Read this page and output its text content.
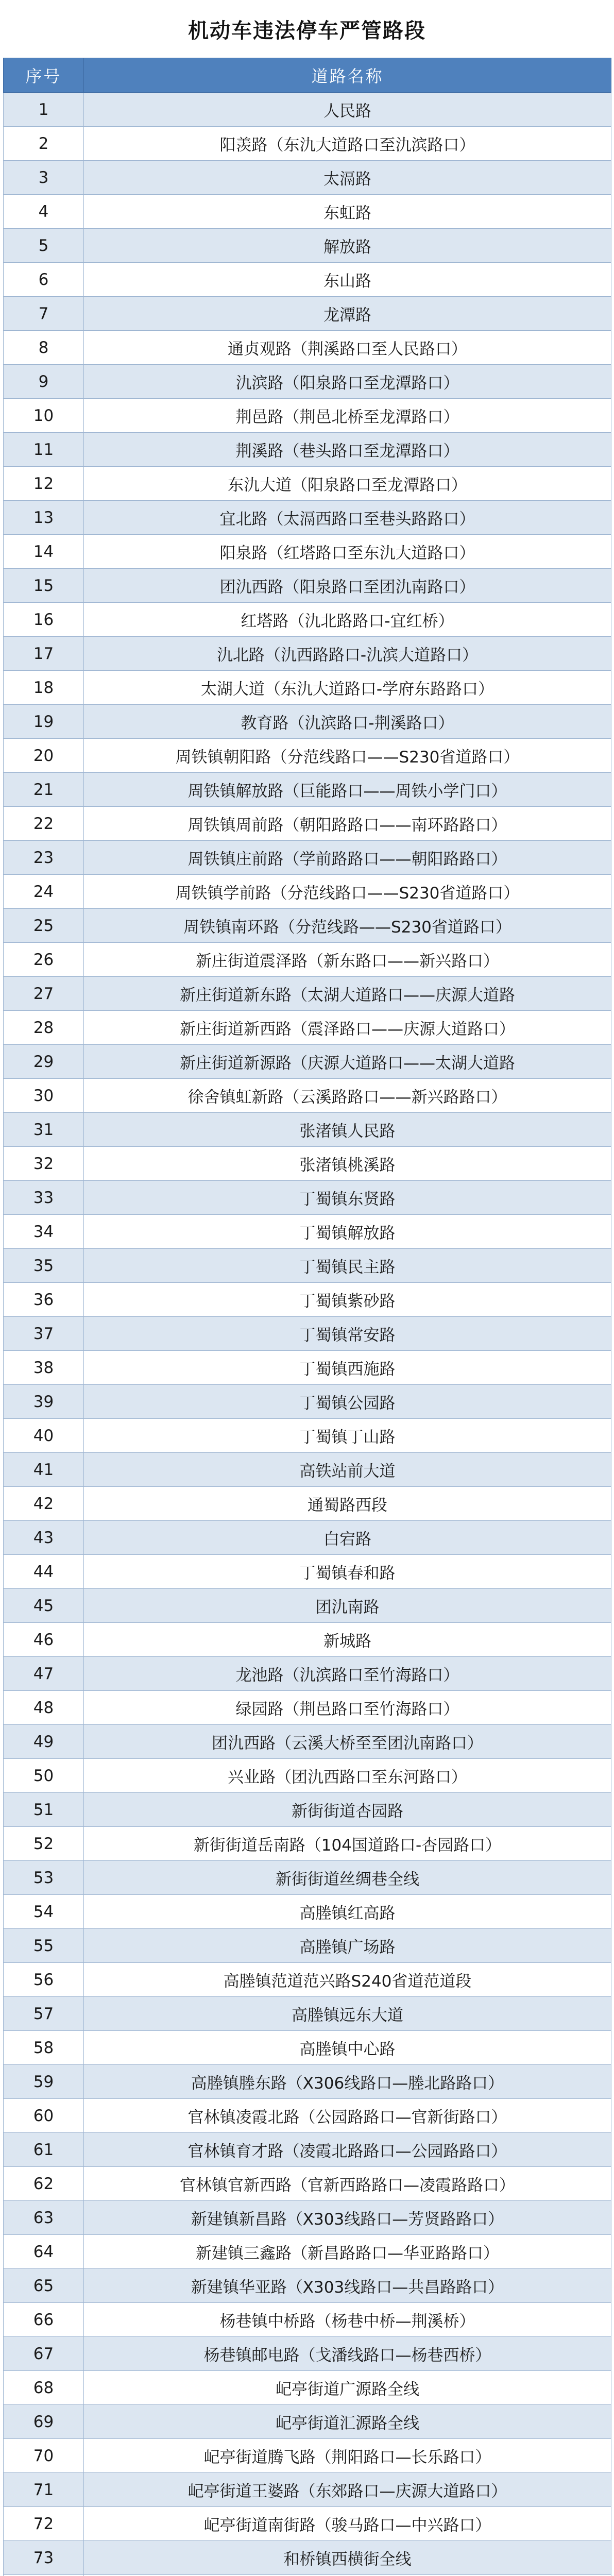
机动车违法停车严管路段
序号	道路名称
1	人民路
2	阳羡路（东氿大道路口至氿滨路口）
3	太滆路
4	东虹路
5	解放路
6	东山路
7	龙潭路
8	通贞观路（荆溪路口至人民路口）
9	氿滨路（阳泉路口至龙潭路口）
10	荆邑路（荆邑北桥至龙潭路口）
11	荆溪路（巷头路口至龙潭路口）
12	东氿大道（阳泉路口至龙潭路口）
13	宜北路（太滆西路口至巷头路路口）
14	阳泉路（红塔路口至东氿大道路口）
15	团氿西路（阳泉路口至团氿南路口）
16	红塔路（氿北路路口-宜红桥）
17	氿北路（氿西路路口-氿滨大道路口）
18	太湖大道（东氿大道路口-学府东路路口）
19	教育路（氿滨路口-荆溪路口）
20	周铁镇朝阳路（分范线路口——S230省道路口）
21	周铁镇解放路（巨能路口——周铁小学门口）
22	周铁镇周前路（朝阳路路口——南环路路口）
23	周铁镇庄前路（学前路路口——朝阳路路口）
24	周铁镇学前路（分范线路口——S230省道路口）
25	周铁镇南环路（分范线路——S230省道路口）
26	新庄街道震泽路（新东路口——新兴路口）
27	新庄街道新东路（太湖大道路口——庆源大道路
28	新庄街道新西路（震泽路口——庆源大道路口）
29	新庄街道新源路（庆源大道路口——太湖大道路
30	徐舍镇虹新路（云溪路路口——新兴路路口）
31	张渚镇人民路
32	张渚镇桃溪路
33	丁蜀镇东贤路
34	丁蜀镇解放路
35	丁蜀镇民主路
36	丁蜀镇紫砂路
37	丁蜀镇常安路
38	丁蜀镇西施路
39	丁蜀镇公园路
40	丁蜀镇丁山路
41	高铁站前大道
42	通蜀路西段
43	白宕路
44	丁蜀镇春和路
45	团氿南路
46	新城路
47	龙池路（氿滨路口至竹海路口）
48	绿园路（荆邑路口至竹海路口）
49	团氿西路（云溪大桥至至团氿南路口）
50	兴业路（团氿西路口至东河路口）
51	新街街道杏园路
52	新街街道岳南路（104国道路口-杏园路口）
53	新街街道丝绸巷全线
54	高塍镇红高路
55	高塍镇广场路
56	高塍镇范道范兴路S240省道范道段
57	高塍镇远东大道
58	高塍镇中心路
59	高塍镇塍东路（X306线路口—塍北路路口）
60	官林镇凌霞北路（公园路路口—官新街路口）
61	官林镇育才路（凌霞北路路口—公园路路口）
62	官林镇官新西路（官新西路路口—凌霞路路口）
63	新建镇新昌路（X303线路口—芳贤路路口）
64	新建镇三鑫路（新昌路路口—华亚路路口）
65	新建镇华亚路（X303线路口—共昌路路口）
66	杨巷镇中桥路（杨巷中桥—荆溪桥）
67	杨巷镇邮电路（戈潘线路口—杨巷西桥）
68	屺亭街道广源路全线
69	屺亭街道汇源路全线
70	屺亭街道腾飞路（荆阳路口—长乐路口）
71	屺亭街道王婆路（东郊路口—庆源大道路口）
72	屺亭街道南街路（骏马路口—中兴路口）
73	和桥镇西横街全线
